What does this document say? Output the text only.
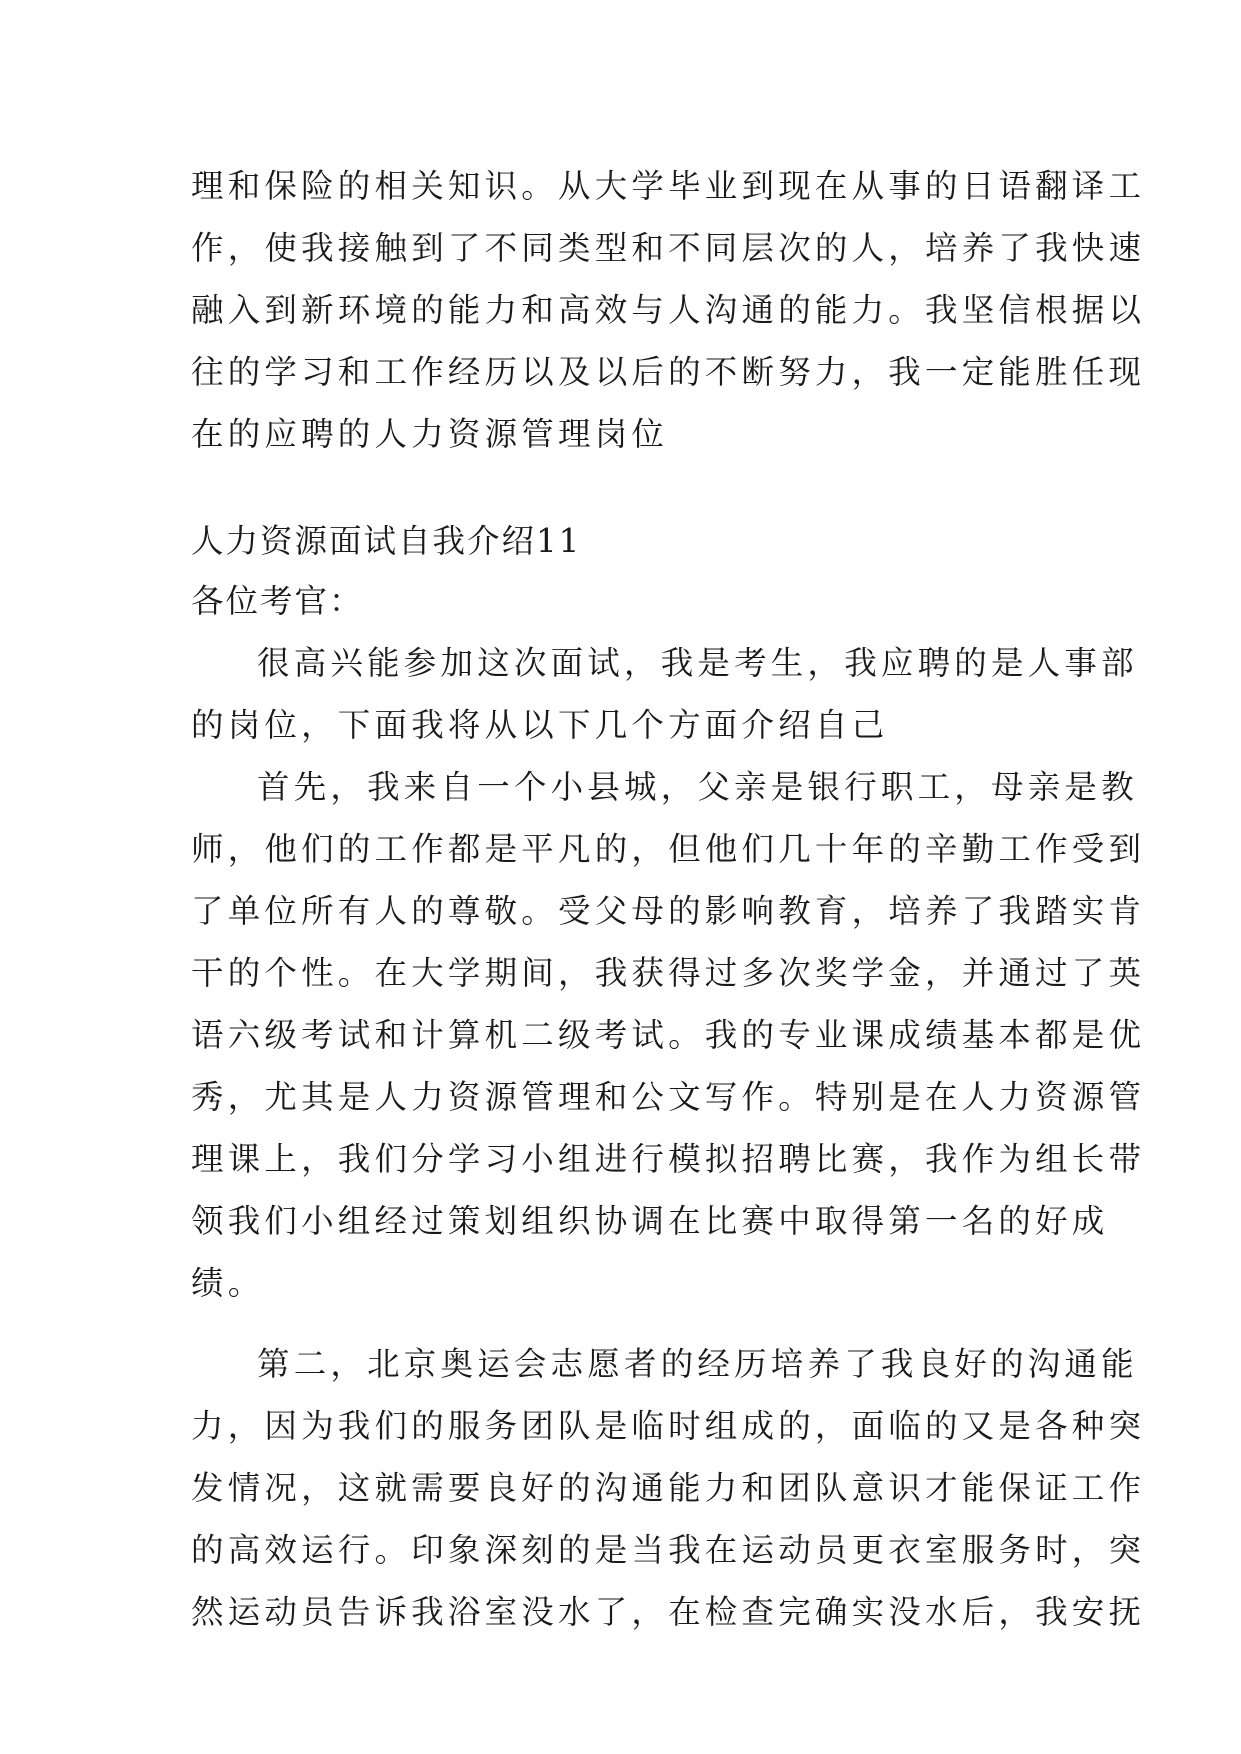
理和保险的相关知识。从大学毕业到现在从事的日语翻译工
作，使我接触到了不同类型和不同层次的人，培养了我快速
融入到新环境的能力和高效与人沟通的能力。我坚信根据以
往的学习和工作经历以及以后的不断努力，我一定能胜任现
在的应聘的人力资源管理岗位
人力资源面试自我介绍11
各位考官：
很高兴能参加这次面试，我是考生，我应聘的是人事部
的岗位，下面我将从以下几个方面介绍自己
首先，我来自一个小县城，父亲是银行职工，母亲是教
师，他们的工作都是平凡的，但他们几十年的辛勤工作受到
了单位所有人的尊敬。受父母的影响教育，培养了我踏实肯
干的个性。在大学期间，我获得过多次奖学金，并通过了英
语六级考试和计算机二级考试。我的专业课成绩基本都是优
秀，尤其是人力资源管理和公文写作。特别是在人力资源管
理课上，我们分学习小组进行模拟招聘比赛，我作为组长带
领我们小组经过策划组织协调在比赛中取得第一名的好成
绩。
第二，北京奥运会志愿者的经历培养了我良好的沟通能
力，因为我们的服务团队是临时组成的，面临的又是各种突
发情况，这就需要良好的沟通能力和团队意识才能保证工作
的高效运行。印象深刻的是当我在运动员更衣室服务时，突
然运动员告诉我浴室没水了，在检查完确实没水后，我安抚
